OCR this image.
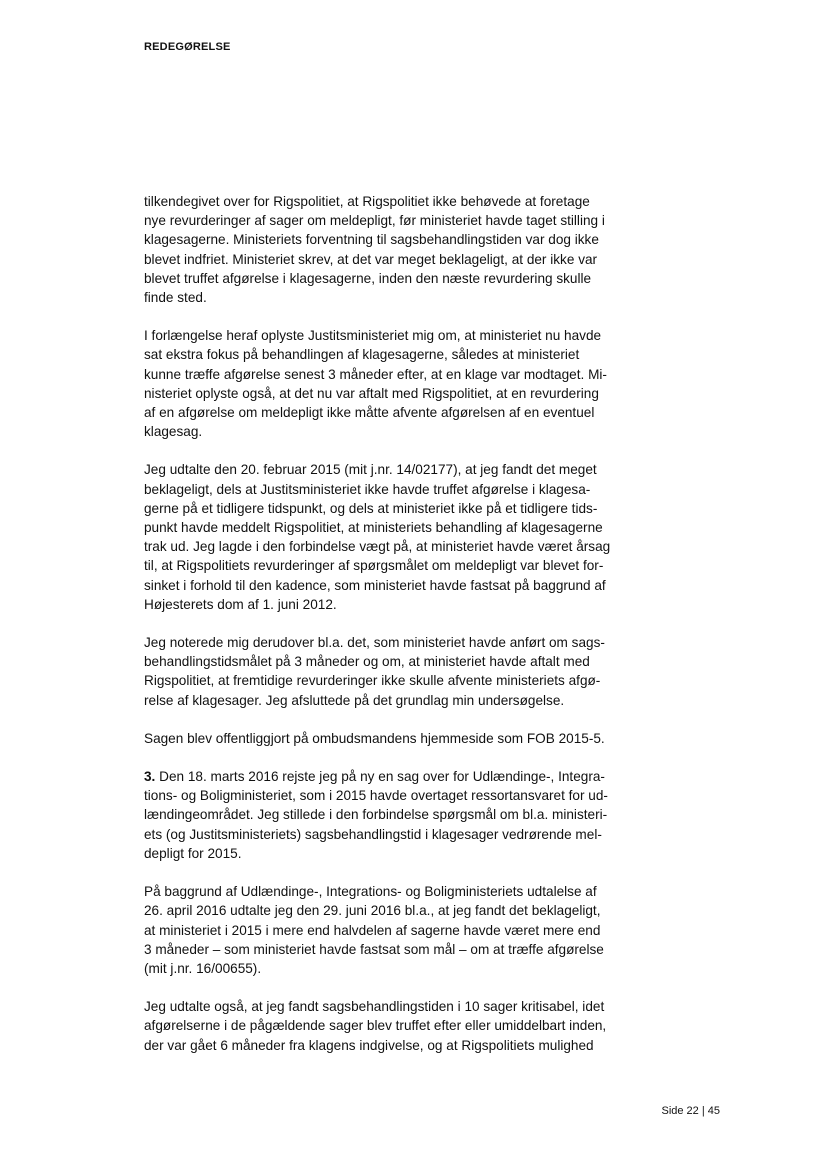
REDEGØRELSE

tilkendegivet over for Rigspolitiet, at Rigspolitiet ikke behøvede at foretage
nye revurderinger af sager om meldepligt, før ministeriet havde taget stilling i
klagesagerne. Ministeriets forventning til sagsbehandlingstiden var dog ikke
blevet indfriet. Ministeriet skrev, at det var meget beklageligt, at der ikke var
blevet truffet afgørelse i klagesagerne, inden den næste revurdering skulle
finde sted.

I forlængelse heraf oplyste Justitsministeriet mig om, at ministeriet nu havde
sat ekstra fokus på behandlingen af klagesagerne, således at ministeriet
kunne træffe afgørelse senest 3 måneder efter, at en klage var modtaget. Mi-
nisteriet oplyste også, at det nu var aftalt med Rigspolitiet, at en revurdering
af en afgørelse om meldepligt ikke måtte afvente afgørelsen af en eventuel
klagesag.

Jeg udtalte den 20. februar 2015 (mit j.nr. 14/02177), at jeg fandt det meget
beklageligt, dels at Justitsministeriet ikke havde truffet afgørelse i klagesa-
gerne på et tidligere tidspunkt, og dels at ministeriet ikke på et tidligere tids-
punkt havde meddelt Rigspolitiet, at ministeriets behandling af klagesagerne
trak ud. Jeg lagde i den forbindelse vægt på, at ministeriet havde været årsag
til, at Rigspolitiets revurderinger af spørgsmålet om meldepligt var blevet for-
sinket i forhold til den kadence, som ministeriet havde fastsat på baggrund af
Højesterets dom af 1. juni 2012.

Jeg noterede mig derudover bl.a. det, som ministeriet havde anført om sags-
behandlingstidsmålet på 3 måneder og om, at ministeriet havde aftalt med
Rigspolitiet, at fremtidige revurderinger ikke skulle afvente ministeriets afgø-
relse af klagesager. Jeg afsluttede på det grundlag min undersøgelse.

Sagen blev offentliggjort på ombudsmandens hjemmeside som FOB 2015-5.

3. Den 18. marts 2016 rejste jeg på ny en sag over for Udlændinge-, Integra-
tions- og Boligministeriet, som i 2015 havde overtaget ressortansvaret for ud-
lændingeområdet. Jeg stillede i den forbindelse spørgsmål om bl.a. ministeri-
ets (og Justitsministeriets) sagsbehandlingstid i klagesager vedrørende mel-
depligt for 2015.

På baggrund af Udlændinge-, Integrations- og Boligministeriets udtalelse af
26. april 2016 udtalte jeg den 29. juni 2016 bl.a., at jeg fandt det beklageligt,
at ministeriet i 2015 i mere end halvdelen af sagerne havde været mere end
3 måneder – som ministeriet havde fastsat som mål – om at træffe afgørelse
(mit j.nr. 16/00655).

Jeg udtalte også, at jeg fandt sagsbehandlingstiden i 10 sager kritisabel, idet
afgørelserne i de pågældende sager blev truffet efter eller umiddelbart inden,
der var gået 6 måneder fra klagens indgivelse, og at Rigspolitiets mulighed

Side 22 | 45
